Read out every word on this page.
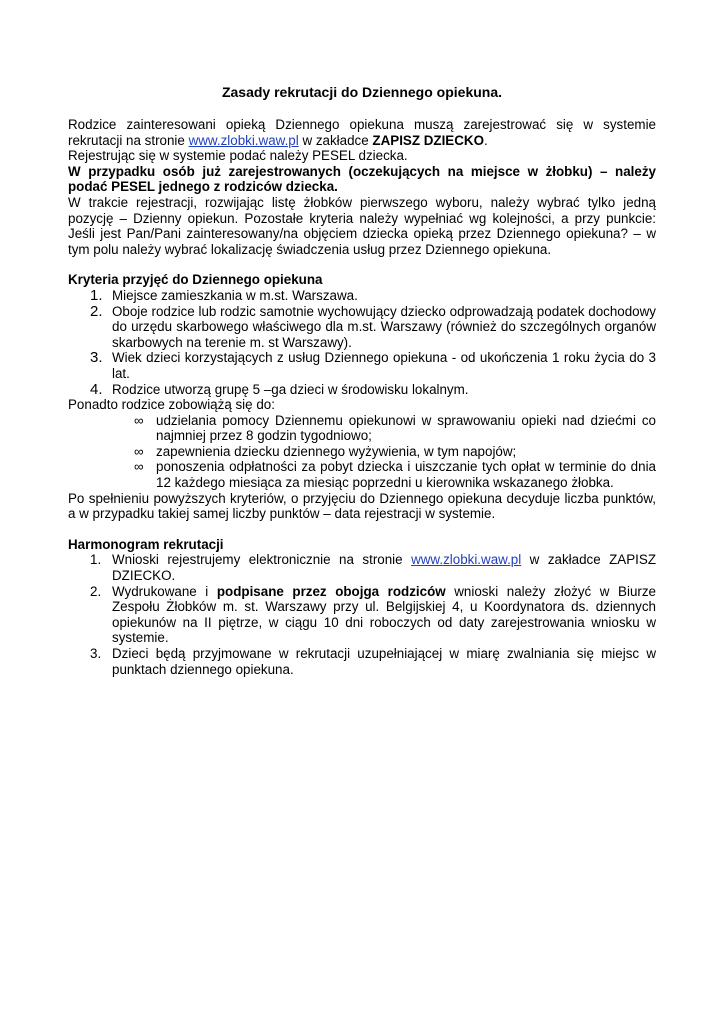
Zasady rekrutacji do Dziennego opiekuna.

Rodzice zainteresowani opieką Dziennego opiekuna muszą zarejestrować się w systemie rekrutacji na stronie www.zlobki.waw.pl w zakładce ZAPISZ DZIECKO.

Rejestrując się w systemie podać należy PESEL dziecka.

W przypadku osób już zarejestrowanych (oczekujących na miejsce w żłobku) – należy podać PESEL jednego z rodziców dziecka.

W trakcie rejestracji, rozwijając listę żłobków pierwszego wyboru, należy wybrać tylko jedną pozycję – Dzienny opiekun. Pozostałe kryteria należy wypełniać wg kolejności, a przy punkcie: Jeśli jest Pan/Pani zainteresowany/na objęciem dziecka opieką przez Dziennego opiekuna? – w tym polu należy wybrać lokalizację świadczenia usług przez Dziennego opiekuna.

Kryteria przyjęć do Dziennego opiekuna
1. Miejsce zamieszkania w m.st. Warszawa.
2. Oboje rodzice lub rodzic samotnie wychowujący dziecko odprowadzają podatek dochodowy do urzędu skarbowego właściwego dla m.st. Warszawy (również do szczególnych organów skarbowych na terenie m. st Warszawy).
3. Wiek dzieci korzystających z usług Dziennego opiekuna - od ukończenia 1 roku życia do 3 lat.
4. Rodzice utworzą grupę 5 –ga dzieci w środowisku lokalnym.

Ponadto rodzice zobowiążą się do:

∞ udzielania pomocy Dziennemu opiekunowi w sprawowaniu opieki nad dziećmi co najmniej przez 8 godzin tygodniowo;
∞ zapewnienia dziecku dziennego wyżywienia, w tym napojów;
∞ ponoszenia odpłatności za pobyt dziecka i uiszczanie tych opłat w terminie do dnia 12 każdego miesiąca za miesiąc poprzedni u kierownika wskazanego żłobka.

Po spełnieniu powyższych kryteriów, o przyjęciu do Dziennego opiekuna decyduje liczba punktów, a w przypadku takiej samej liczby punktów – data rejestracji w systemie.

Harmonogram rekrutacji
1. Wnioski rejestrujemy elektronicznie na stronie www.zlobki.waw.pl w zakładce ZAPISZ DZIECKO.
2. Wydrukowane i podpisane przez obojga rodziców wnioski należy złożyć w Biurze Zespołu Żłobków m. st. Warszawy przy ul. Belgijskiej 4, u Koordynatora ds. dziennych opiekunów na II piętrze, w ciągu 10 dni roboczych od daty zarejestrowania wniosku w systemie.
3. Dzieci będą przyjmowane w rekrutacji uzupełniającej w miarę zwalniania się miejsc w punktach dziennego opiekuna.
